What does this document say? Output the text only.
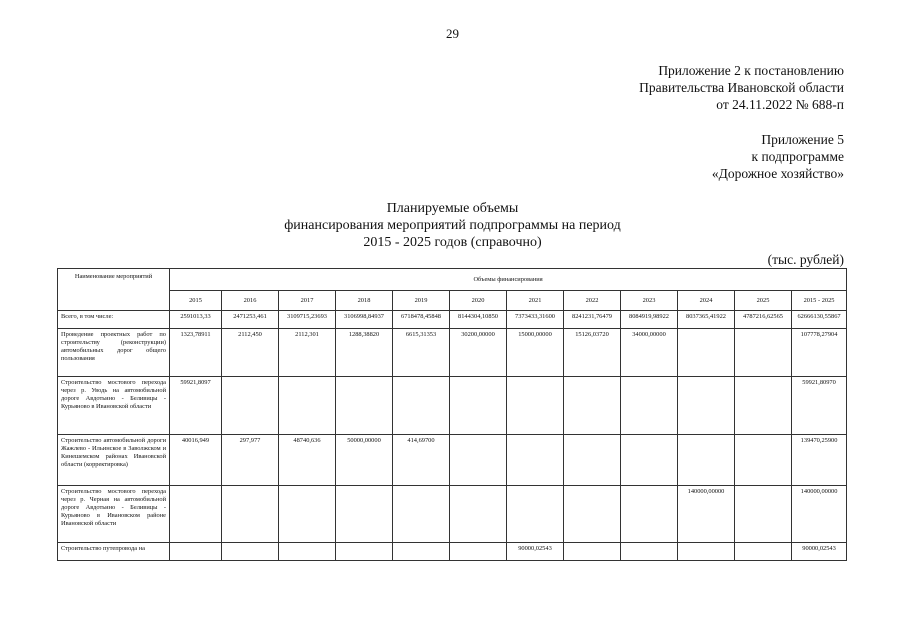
29
Приложение 2 к постановлению
Правительства Ивановской области
от 24.11.2022 № 688-п
Приложение 5
к подпрограмме
«Дорожное хозяйство»
Планируемые объемы
финансирования мероприятий подпрограммы на период
2015 - 2025 годов (справочно)
(тыс. рублей)
Наименование мероприятий	Объемы финансирования											
	2015	2016	2017	2018	2019	2020	2021	2022	2023	2024	2025	2015 - 2025
Всего, в том числе:	2591013,33	2471253,461	3109715,23693	3106998,84937	6718478,45848	8144304,10850	7373433,31600	8241231,76479	8084919,98922	8037365,41922	4787216,62565	62666130,55867
Проведение проектных работ по строительству (реконструкции) автомобильных дорог общего пользования	1323,78911	2112,450	2112,301	1288,38820	6615,31353	30200,00000	15000,00000	15126,03720	34000,00000			107778,27904
Строительство мостового перехода через р. Уводь на автомобильной дороге Авдотьино - Беливицы - Курьяново в Ивановской области	59921,8097											59921,80970
Строительство автомобильной дороги Жажлево - Ильинское в Заволжском и Кинешемском районах Ивановской области (корректировка)	40016,949	297,977	48740,636	50000,00000	414,69700							139470,25900
Строительство мостового перехода через р. Черная на автомобильной дороге Авдотьино - Беливицы - Курьяново в Ивановском районе Ивановской области										140000,00000		140000,00000
Строительство путепровода на							90000,02543					90000,02543
